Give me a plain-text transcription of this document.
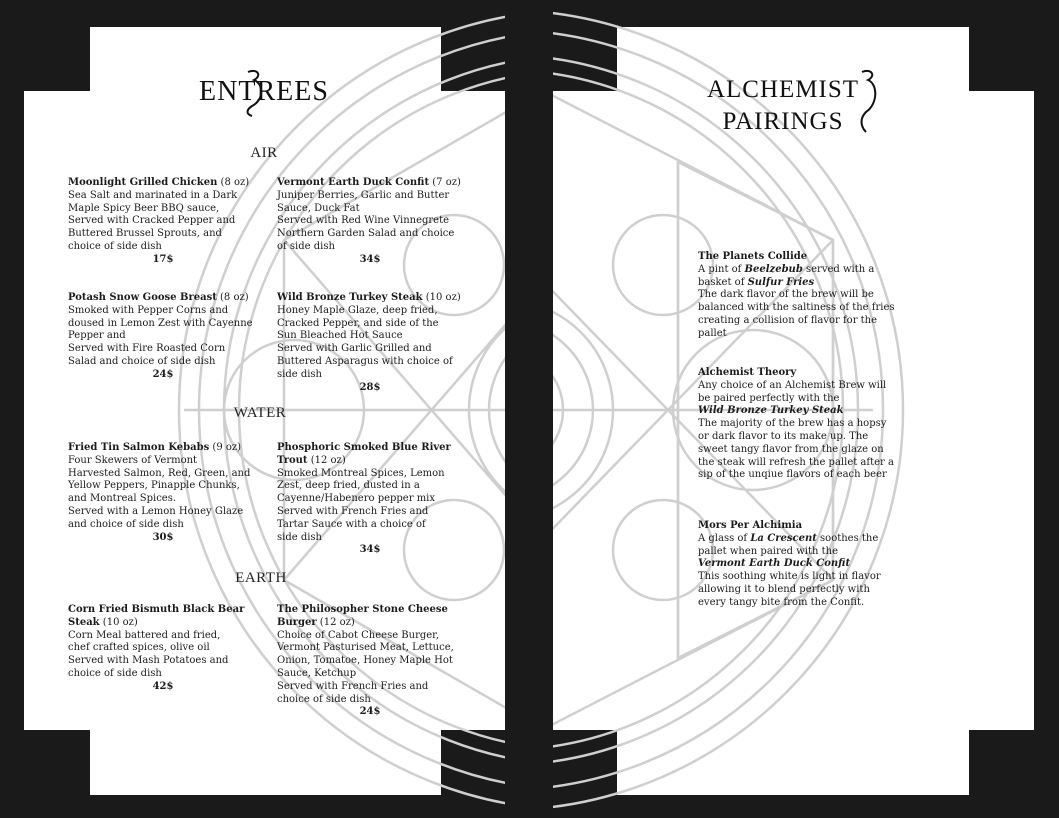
ENTREES
AIR
WATER
EARTH
Moonlight Grilled Chicken (8 oz)
Sea Salt and marinated in a Dark
Maple Spicy Beer BBQ sauce,
Served with Cracked Pepper and
Buttered Brussel Sprouts, and
choice of side dish
17$
Vermont Earth Duck Confit (7 oz)
Juniper Berries, Garlic and Butter
Sauce, Duck Fat
Served with Red Wine Vinnegrete
Northern Garden Salad and choice
of side dish
34$
Potash Snow Goose Breast (8 oz)
Smoked with Pepper Corns and
doused in Lemon Zest with Cayenne
Pepper and
Served with Fire Roasted Corn
Salad and choice of side dish
24$
Wild Bronze Turkey Steak (10 oz)
Honey Maple Glaze, deep fried,
Cracked Pepper, and side of the
Sun Bleached Hot Sauce
Served with Garlic Grilled and
Buttered Asparagus with choice of
side dish
28$
Fried Tin Salmon Kebabs (9 oz)
Four Skewers of Vermont
Harvested Salmon, Red, Green, and
Yellow Peppers, Pinapple Chunks,
and Montreal Spices.
Served with a Lemon Honey Glaze
and choice of side dish
30$
Phosphoric Smoked Blue River
Trout (12 oz)
Smoked Montreal Spices, Lemon
Zest, deep fried, dusted in a
Cayenne/Habenero pepper mix
Served with French Fries and
Tartar Sauce with a choice of
side dish
34$
Corn Fried Bismuth Black Bear
Steak (10 oz)
Corn Meal battered and fried,
chef crafted spices, olive oil
Served with Mash Potatoes and
choice of side dish
42$
The Philosopher Stone Cheese
Burger (12 oz)
Choice of Cabot Cheese Burger,
Vermont Pasturised Meat, Lettuce,
Onion, Tomatoe, Honey Maple Hot
Sauce, Ketchup
Served with French Fries and
choice of side dish
24$
ALCHEMIST
PAIRINGS
The Planets Collide
A pint of Beelzebub served with a basket of Sulfur Fries
The dark flavor of the brew will be balanced with the saltiness of the fries creating a collision of flavor for the pallet
Alchemist Theory
Any choice of an Alchemist Brew will be paired perfectly with the
Wild Bronze Turkey Steak
The majority of the brew has a hopsy or dark flavor to its make up. The sweet tangy flavor from the glaze on the steak will refresh the pallet after a sip of the unqiue flavors of each beer
Mors Per Alchimia
A glass of La Crescent soothes the pallet when paired with the
Vermont Earth Duck Confit
This soothing white is light in flavor allowing it to blend perfectly with every tangy bite from the Confit.
